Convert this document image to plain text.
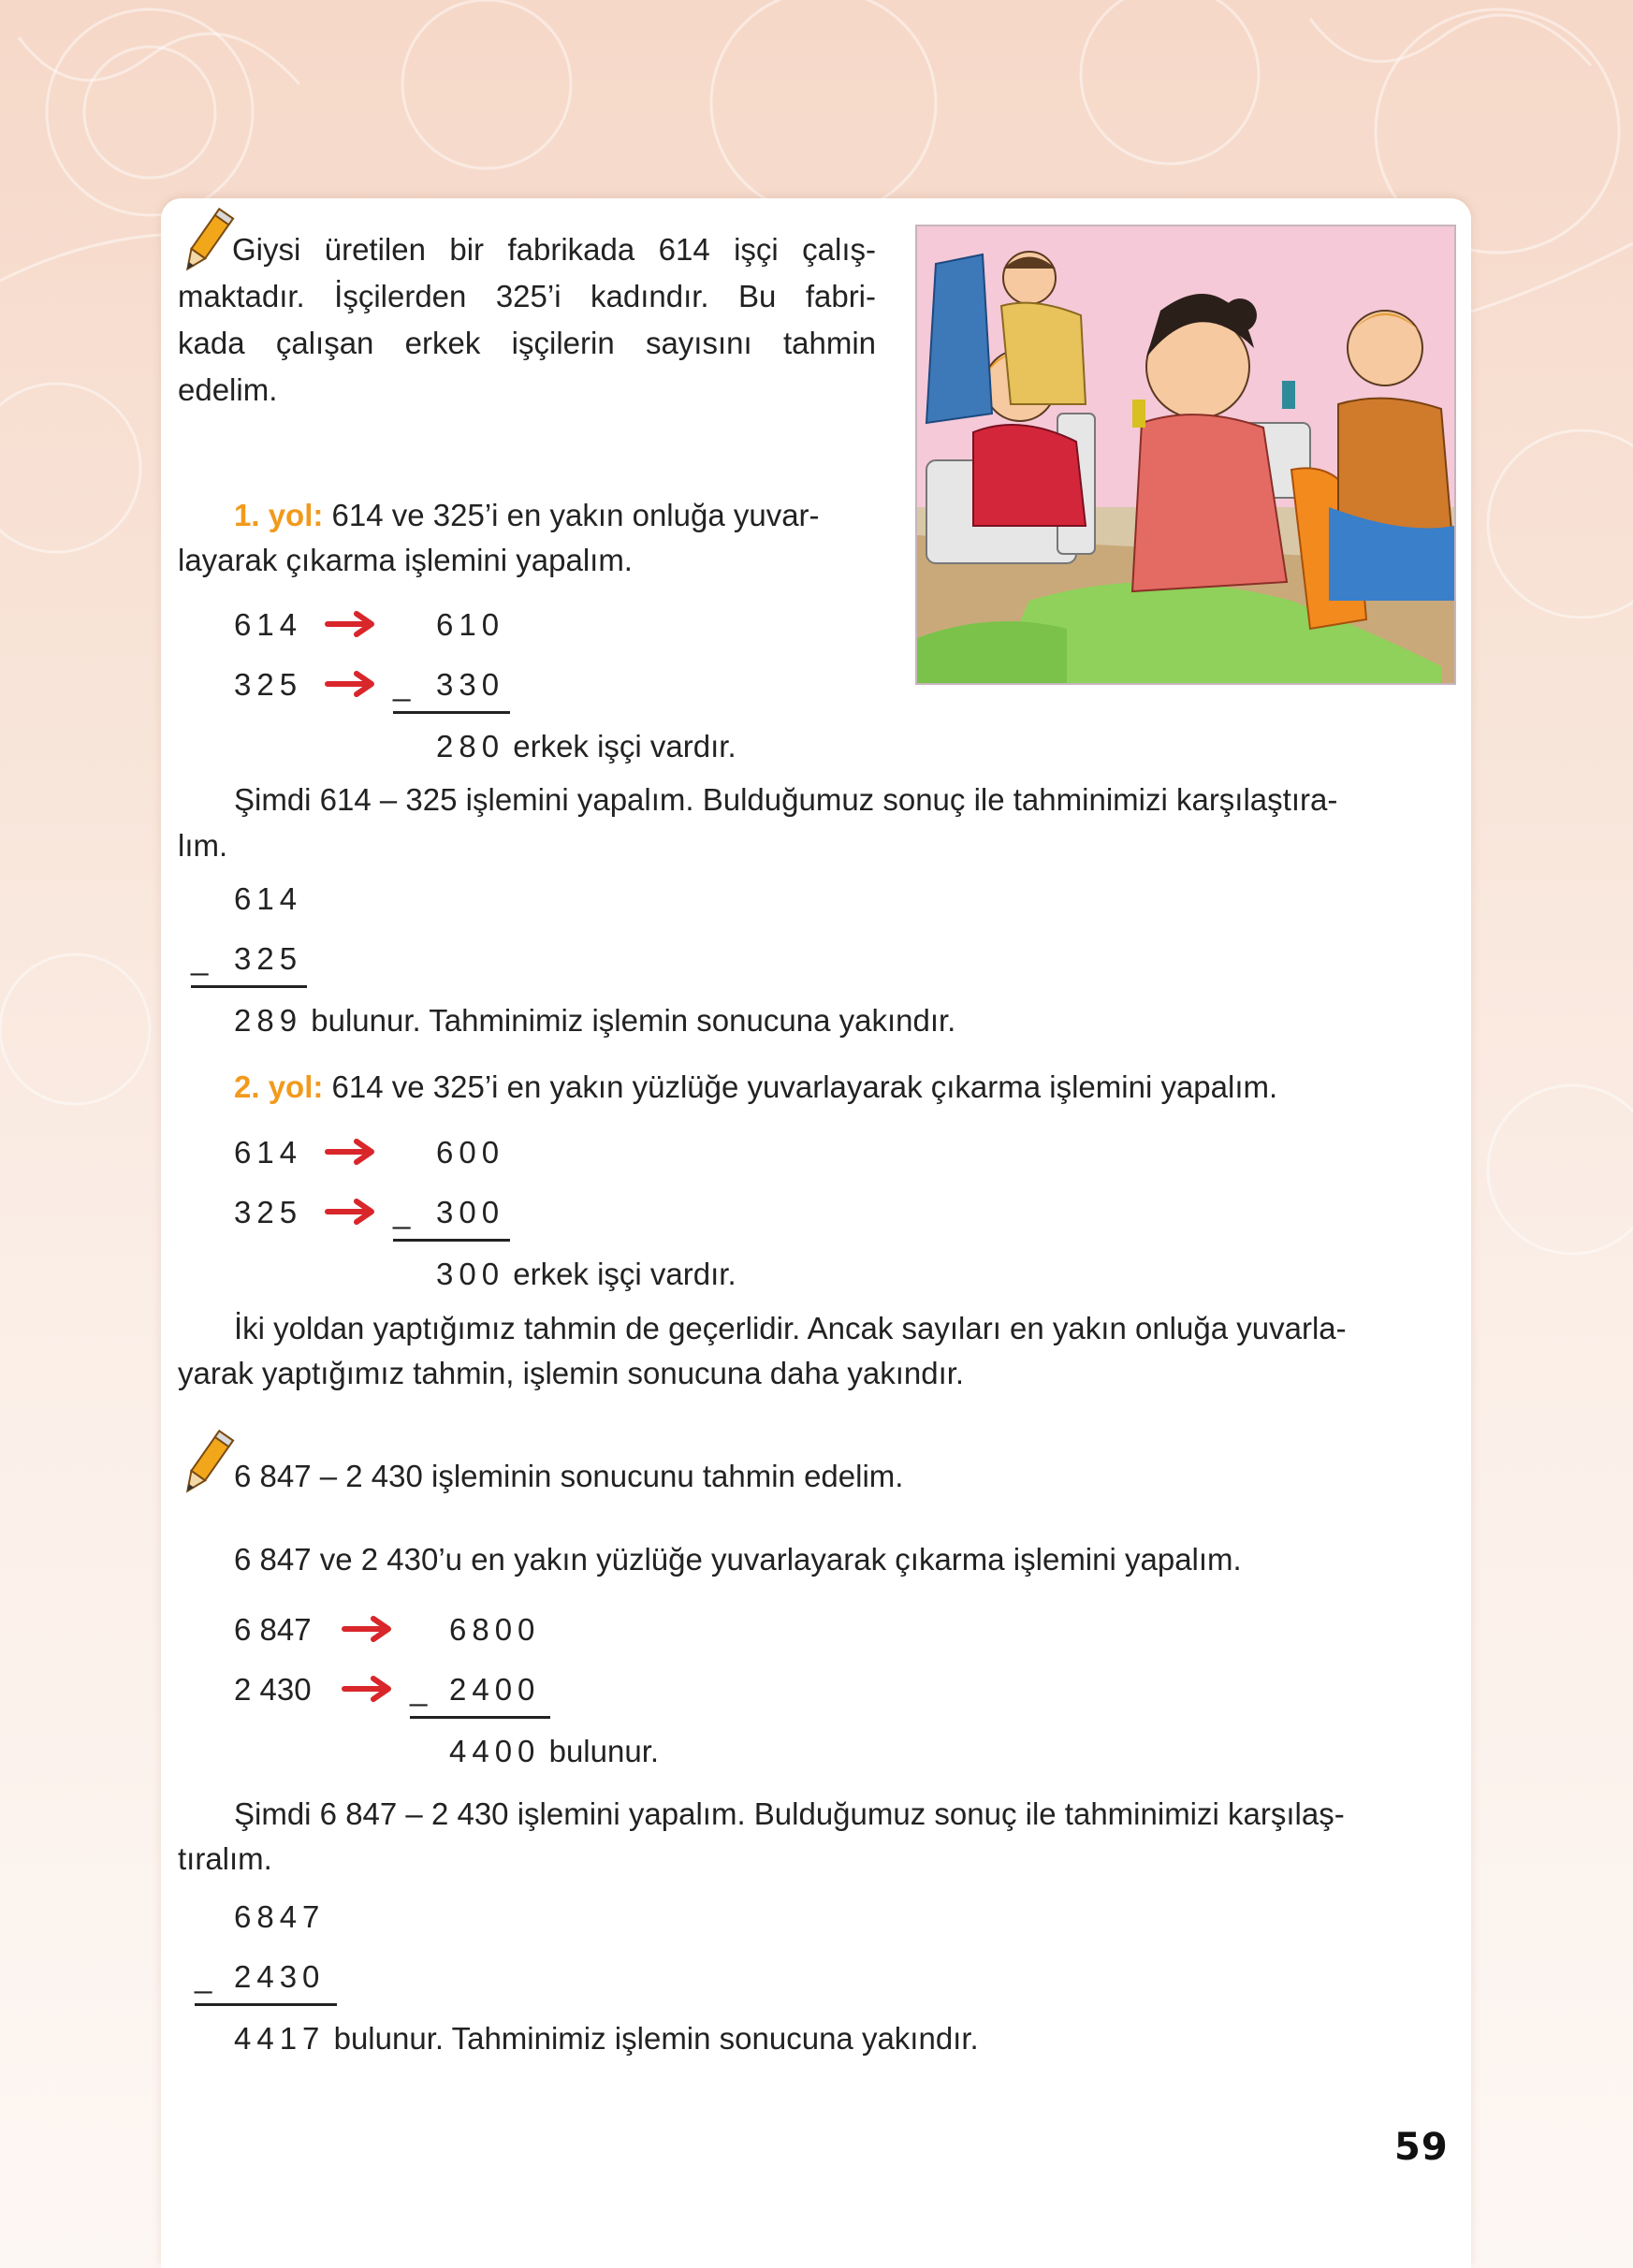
Giysi üretilen bir fabrikada 614 işçi çalış-
maktadır. İşçilerden 325’i kadındır. Bu fabri-
kada çalışan erkek işçilerin sayısını tahmin
edelim.
1. yol: 614 ve 325’i en yakın onluğa yuvar-
layarak çıkarma işlemini yapalım.
614	610
325	_ 330
280 erkek işçi vardır.
Şimdi 614 – 325 işlemini yapalım. Bulduğumuz sonuç ile tahminimizi karşılaştıra-
lım.
614
_ 325
289 bulunur. Tahminimiz işlemin sonucuna yakındır.
2. yol: 614 ve 325’i en yakın yüzlüğe yuvarlayarak çıkarma işlemini yapalım.
614	600
325	_ 300
300 erkek işçi vardır.
İki yoldan yaptığımız tahmin de geçerlidir. Ancak sayıları en yakın onluğa yuvarla-
yarak yaptığımız tahmin, işlemin sonucuna daha yakındır.
6 847 – 2 430 işleminin sonucunu tahmin edelim.
6 847 ve 2 430’u en yakın yüzlüğe yuvarlayarak çıkarma işlemini yapalım.
6 847	6800
2 430	_ 2400
4400 bulunur.
Şimdi 6 847 – 2 430 işlemini yapalım. Bulduğumuz sonuç ile tahminimizi karşılaş-
tıralım.
6847
_ 2430
4417 bulunur. Tahminimiz işlemin sonucuna yakındır.
59
